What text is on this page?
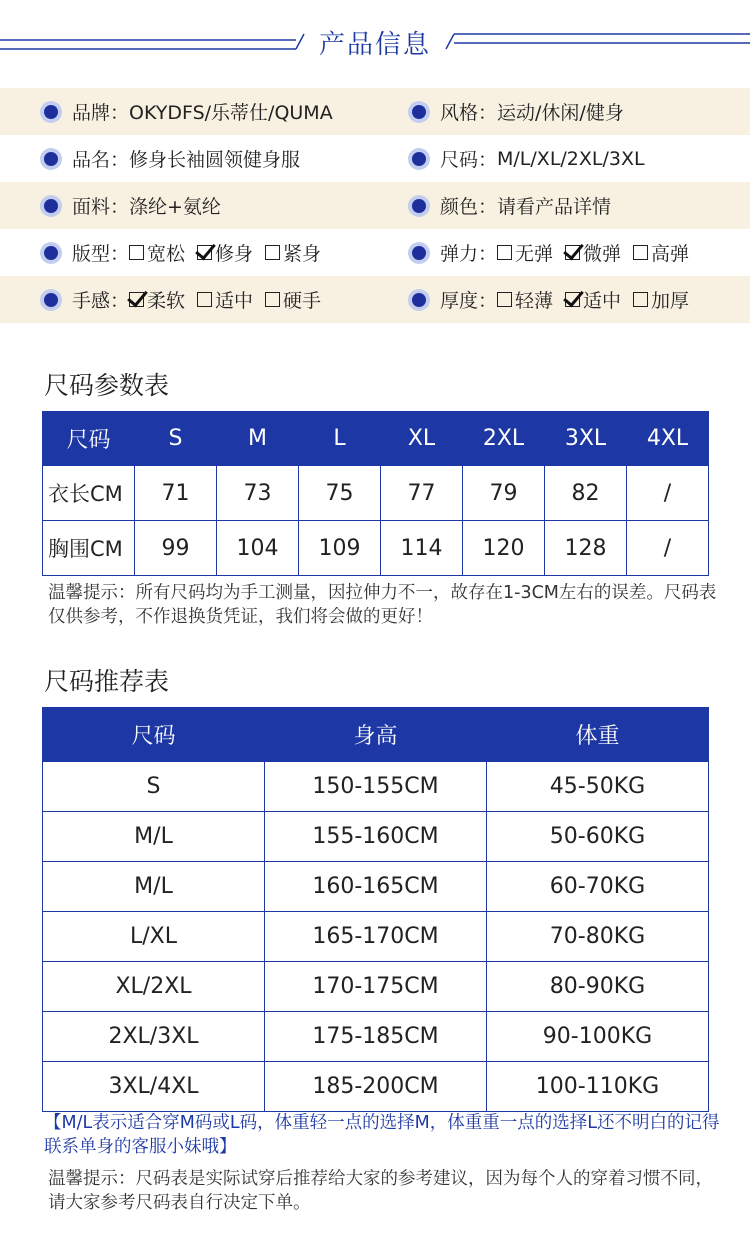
产品信息
品牌： OKYDFS/乐蒂仕/QUMA	风格： 运动/休闲/健身
品名： 修身长袖圆领健身服	尺码： M/L/XL/2XL/3XL
面料： 涤纶+氨纶	颜色： 请看产品详情
版型： 宽松 修身 紧身	弹力： 无弹 微弹 高弹
手感： 柔软 适中 硬手	厚度： 轻薄 适中 加厚
尺码参数表
尺码	S	M	L	XL	2XL	3XL	4XL
衣长CM	71	73	75	77	79	82	/
胸围CM	99	104	109	114	120	128	/
温馨提示：所有尺码均为手工测量，因拉伸力不一，故存在1-3CM左右的误差。尺码表仅供参考，不作退换货凭证，我们将会做的更好！
尺码推荐表
尺码	身高	体重
S	150-155CM	45-50KG
M/L	155-160CM	50-60KG
M/L	160-165CM	60-70KG
L/XL	165-170CM	70-80KG
XL/2XL	170-175CM	80-90KG
2XL/3XL	175-185CM	90-100KG
3XL/4XL	185-200CM	100-110KG
【M/L表示适合穿M码或L码，体重轻一点的选择M，体重重一点的选择L还不明白的记得联系单身的客服小妹哦】
温馨提示：尺码表是实际试穿后推荐给大家的参考建议，因为每个人的穿着习惯不同，请大家参考尺码表自行决定下单。
